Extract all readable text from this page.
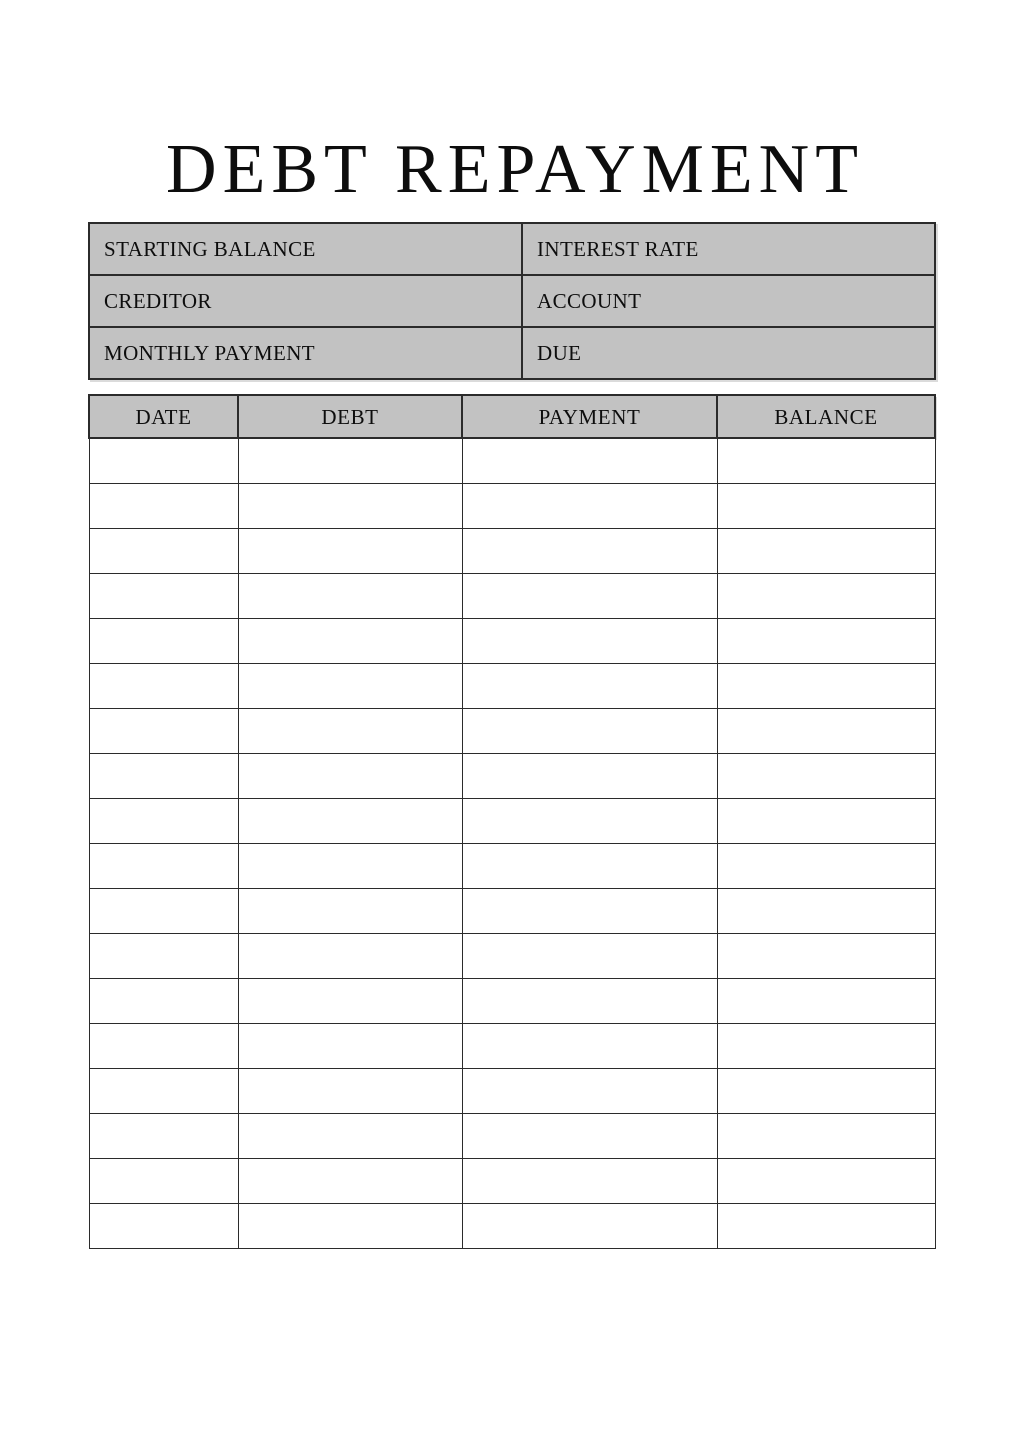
DEBT REPAYMENT
STARTING BALANCE	INTEREST RATE
CREDITOR	ACCOUNT
MONTHLY PAYMENT	DUE
DATE	DEBT	PAYMENT	BALANCE
